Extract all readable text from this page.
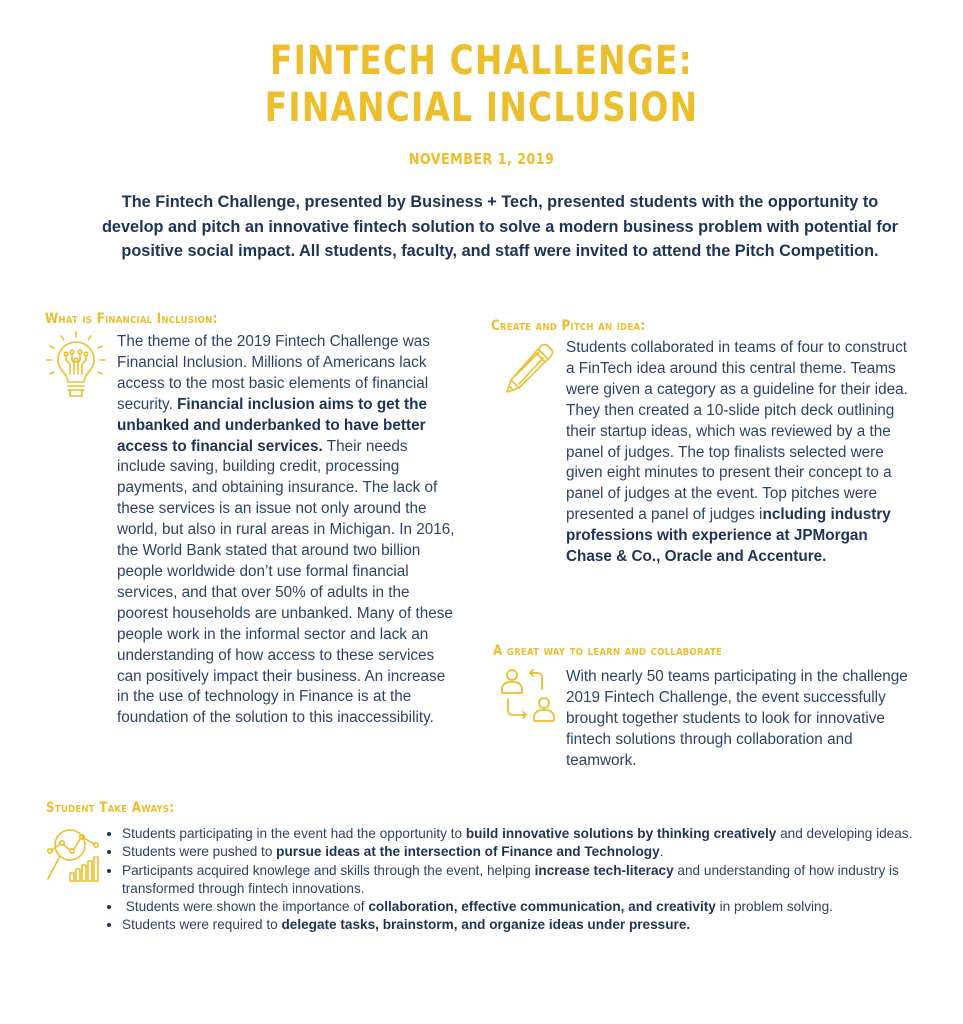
FINTECH CHALLENGE:
FINANCIAL INCLUSION
NOVEMBER 1, 2019
The Fintech Challenge, presented by Business + Tech, presented students with the opportunity to develop and pitch an innovative fintech solution to solve a modern business problem with potential for positive social impact. All students, faculty, and staff were invited to attend the Pitch Competition.
What is Financial Inclusion:
The theme of the 2019 Fintech Challenge was Financial Inclusion. Millions of Americans lack access to the most basic elements of financial security. Financial inclusion aims to get the unbanked and underbanked to have better access to financial services. Their needs include saving, building credit, processing payments, and obtaining insurance. The lack of these services is an issue not only around the world, but also in rural areas in Michigan. In 2016, the World Bank stated that around two billion people worldwide don’t use formal financial services, and that over 50% of adults in the poorest households are unbanked. Many of these people work in the informal sector and lack an understanding of how access to these services can positively impact their business. An increase in the use of technology in Finance is at the foundation of the solution to this inaccessibility.
Create and Pitch an idea:
Students collaborated in teams of four to construct a FinTech idea around this central theme. Teams were given a category as a guideline for their idea. They then created a 10-slide pitch deck outlining their startup ideas, which was reviewed by a the panel of judges. The top finalists selected were given eight minutes to present their concept to a panel of judges at the event. Top pitches were presented a panel of judges including industry professions with experience at JPMorgan Chase & Co., Oracle and Accenture.
A great way to learn and collaborate
With nearly 50 teams participating in the challenge 2019 Fintech Challenge, the event successfully brought together students to look for innovative fintech solutions through collaboration and teamwork.
Student Take Aways:
• Students participating in the event had the opportunity to build innovative solutions by thinking creatively and developing ideas.
• Students were pushed to pursue ideas at the intersection of Finance and Technology.
• Participants acquired knowlege and skills through the event, helping increase tech-literacy and understanding of how industry is transformed through fintech innovations.
•  Students were shown the importance of collaboration, effective communication, and creativity in problem solving.
• Students were required to delegate tasks, brainstorm, and organize ideas under pressure.
